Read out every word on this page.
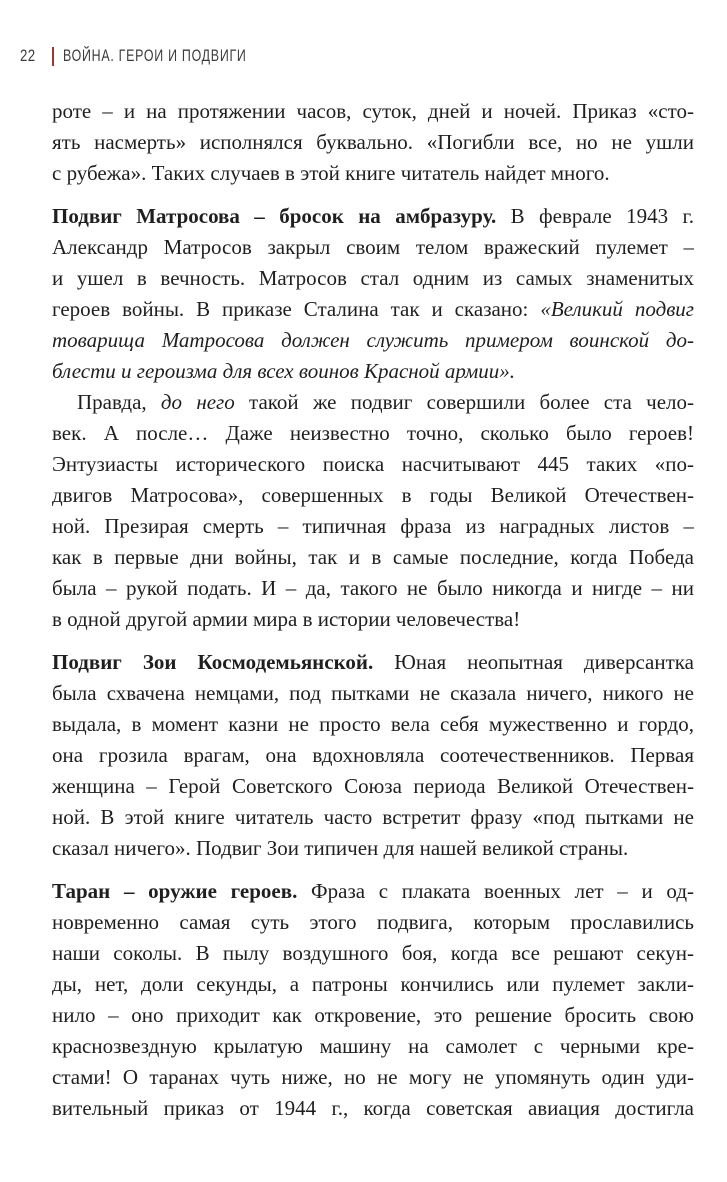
22 ВОЙНА. ГЕРОИ И ПОДВИГИ
роте – и на протяжении часов, суток, дней и ночей. Приказ «сто-
ять насмерть» исполнялся буквально. «Погибли все, но не ушли
с рубежа». Таких случаев в этой книге читатель найдет много.
Подвиг Матросова – бросок на амбразуру. В феврале 1943 г.
Александр Матросов закрыл своим телом вражеский пулемет –
и ушел в вечность. Матросов стал одним из самых знаменитых
героев войны. В приказе Сталина так и сказано: «Великий подвиг
товарища Матросова должен служить примером воинской до-
блести и героизма для всех воинов Красной армии».
Правда, до него такой же подвиг совершили более ста чело-
век. А после… Даже неизвестно точно, сколько было героев!
Энтузиасты исторического поиска насчитывают 445 таких «по-
двигов Матросова», совершенных в годы Великой Отечествен-
ной. Презирая смерть – типичная фраза из наградных листов –
как в первые дни войны, так и в самые последние, когда Победа
была – рукой подать. И – да, такого не было никогда и нигде – ни
в одной другой армии мира в истории человечества!
Подвиг Зои Космодемьянской. Юная неопытная диверсантка
была схвачена немцами, под пытками не сказала ничего, никого не
выдала, в момент казни не просто вела себя мужественно и гордо,
она грозила врагам, она вдохновляла соотечественников. Первая
женщина – Герой Советского Союза периода Великой Отечествен-
ной. В этой книге читатель часто встретит фразу «под пытками не
сказал ничего». Подвиг Зои типичен для нашей великой страны.
Таран – оружие героев. Фраза с плаката военных лет – и од-
новременно самая суть этого подвига, которым прославились
наши соколы. В пылу воздушного боя, когда все решают секун-
ды, нет, доли секунды, а патроны кончились или пулемет закли-
нило – оно приходит как откровение, это решение бросить свою
краснозвездную крылатую машину на самолет с черными кре-
стами! О таранах чуть ниже, но не могу не упомянуть один уди-
вительный приказ от 1944 г., когда советская авиация достигла
